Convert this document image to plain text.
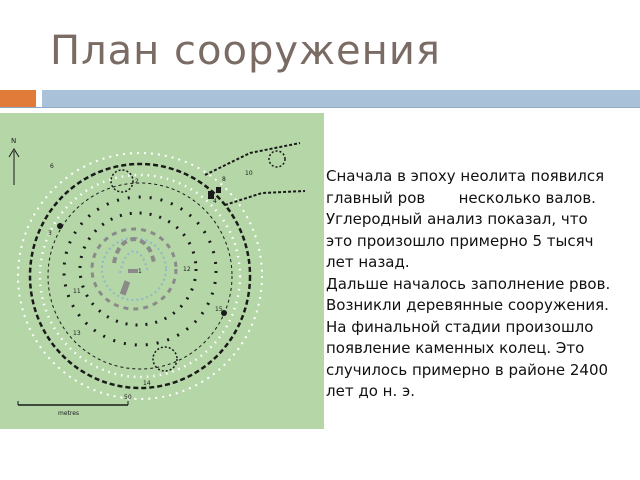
План сооружения
N
4
2
6
3
10
8
11
12
13
14
15
1
metres
50
Сначала в эпоху неолита появился
главный ров       несколько валов.
Углеродный анализ показал, что
это произошло примерно 5 тысяч
лет назад.
Дальше началось заполнение рвов.
Возникли деревянные сооружения.
На финальной стадии произошло
появление каменных колец. Это
случилось примерно в районе 2400
лет до н. э.
